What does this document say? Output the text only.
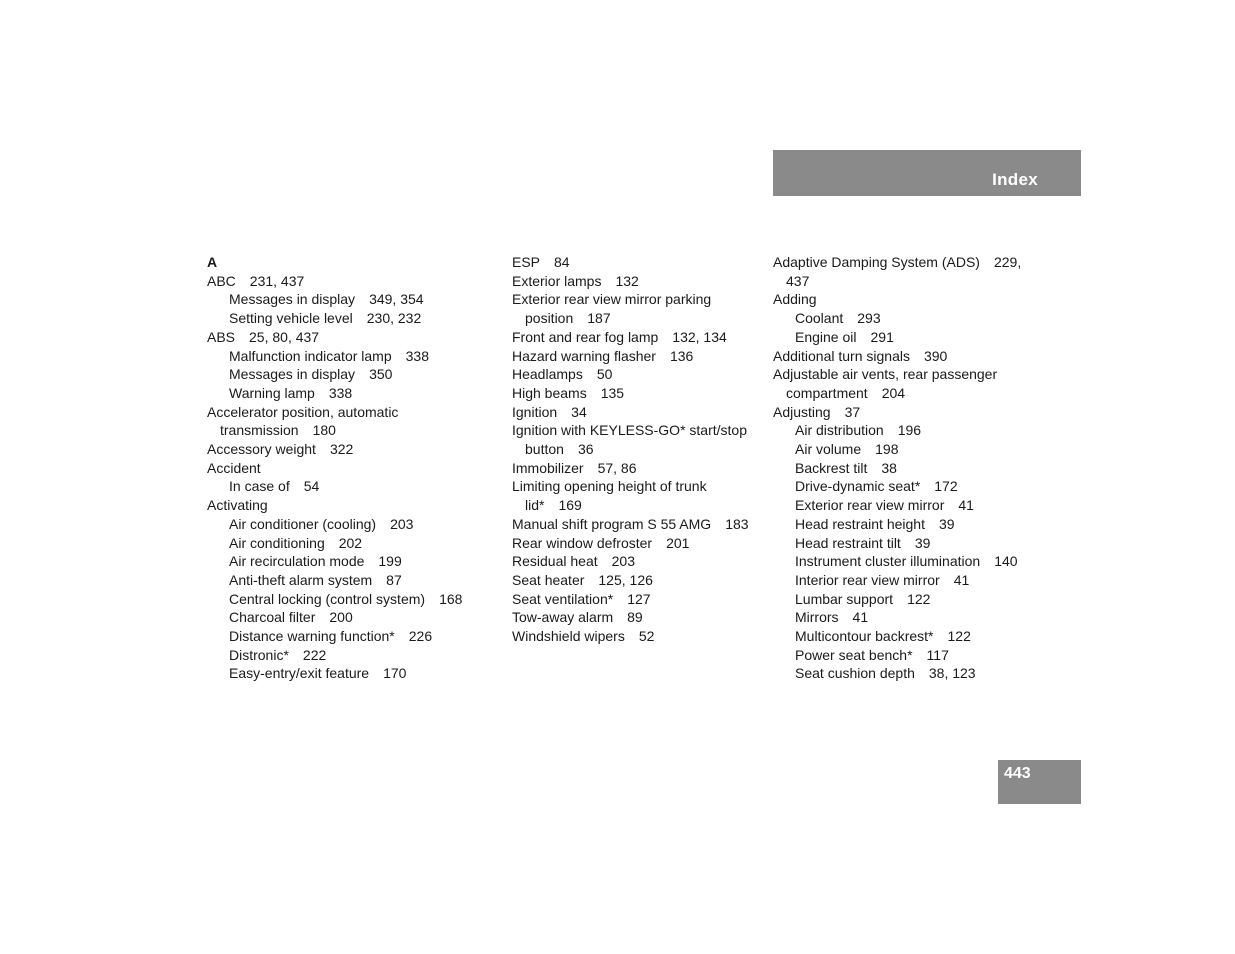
Index
A
ABC 231, 437
Messages in display 349, 354
Setting vehicle level 230, 232
ABS 25, 80, 437
Malfunction indicator lamp 338
Messages in display 350
Warning lamp 338
Accelerator position, automatic
transmission 180
Accessory weight 322
Accident
In case of 54
Activating
Air conditioner (cooling) 203
Air conditioning 202
Air recirculation mode 199
Anti-theft alarm system 87
Central locking (control system) 168
Charcoal filter 200
Distance warning function* 226
Distronic* 222
Easy-entry/exit feature 170
ESP 84
Exterior lamps 132
Exterior rear view mirror parking
position 187
Front and rear fog lamp 132, 134
Hazard warning flasher 136
Headlamps 50
High beams 135
Ignition 34
Ignition with KEYLESS-GO* start/stop
button 36
Immobilizer 57, 86
Limiting opening height of trunk
lid* 169
Manual shift program S 55 AMG 183
Rear window defroster 201
Residual heat 203
Seat heater 125, 126
Seat ventilation* 127
Tow-away alarm 89
Windshield wipers 52
Adaptive Damping System (ADS) 229,
437
Adding
Coolant 293
Engine oil 291
Additional turn signals 390
Adjustable air vents, rear passenger
compartment 204
Adjusting 37
Air distribution 196
Air volume 198
Backrest tilt 38
Drive-dynamic seat* 172
Exterior rear view mirror 41
Head restraint height 39
Head restraint tilt 39
Instrument cluster illumination 140
Interior rear view mirror 41
Lumbar support 122
Mirrors 41
Multicontour backrest* 122
Power seat bench* 117
Seat cushion depth 38, 123
443
